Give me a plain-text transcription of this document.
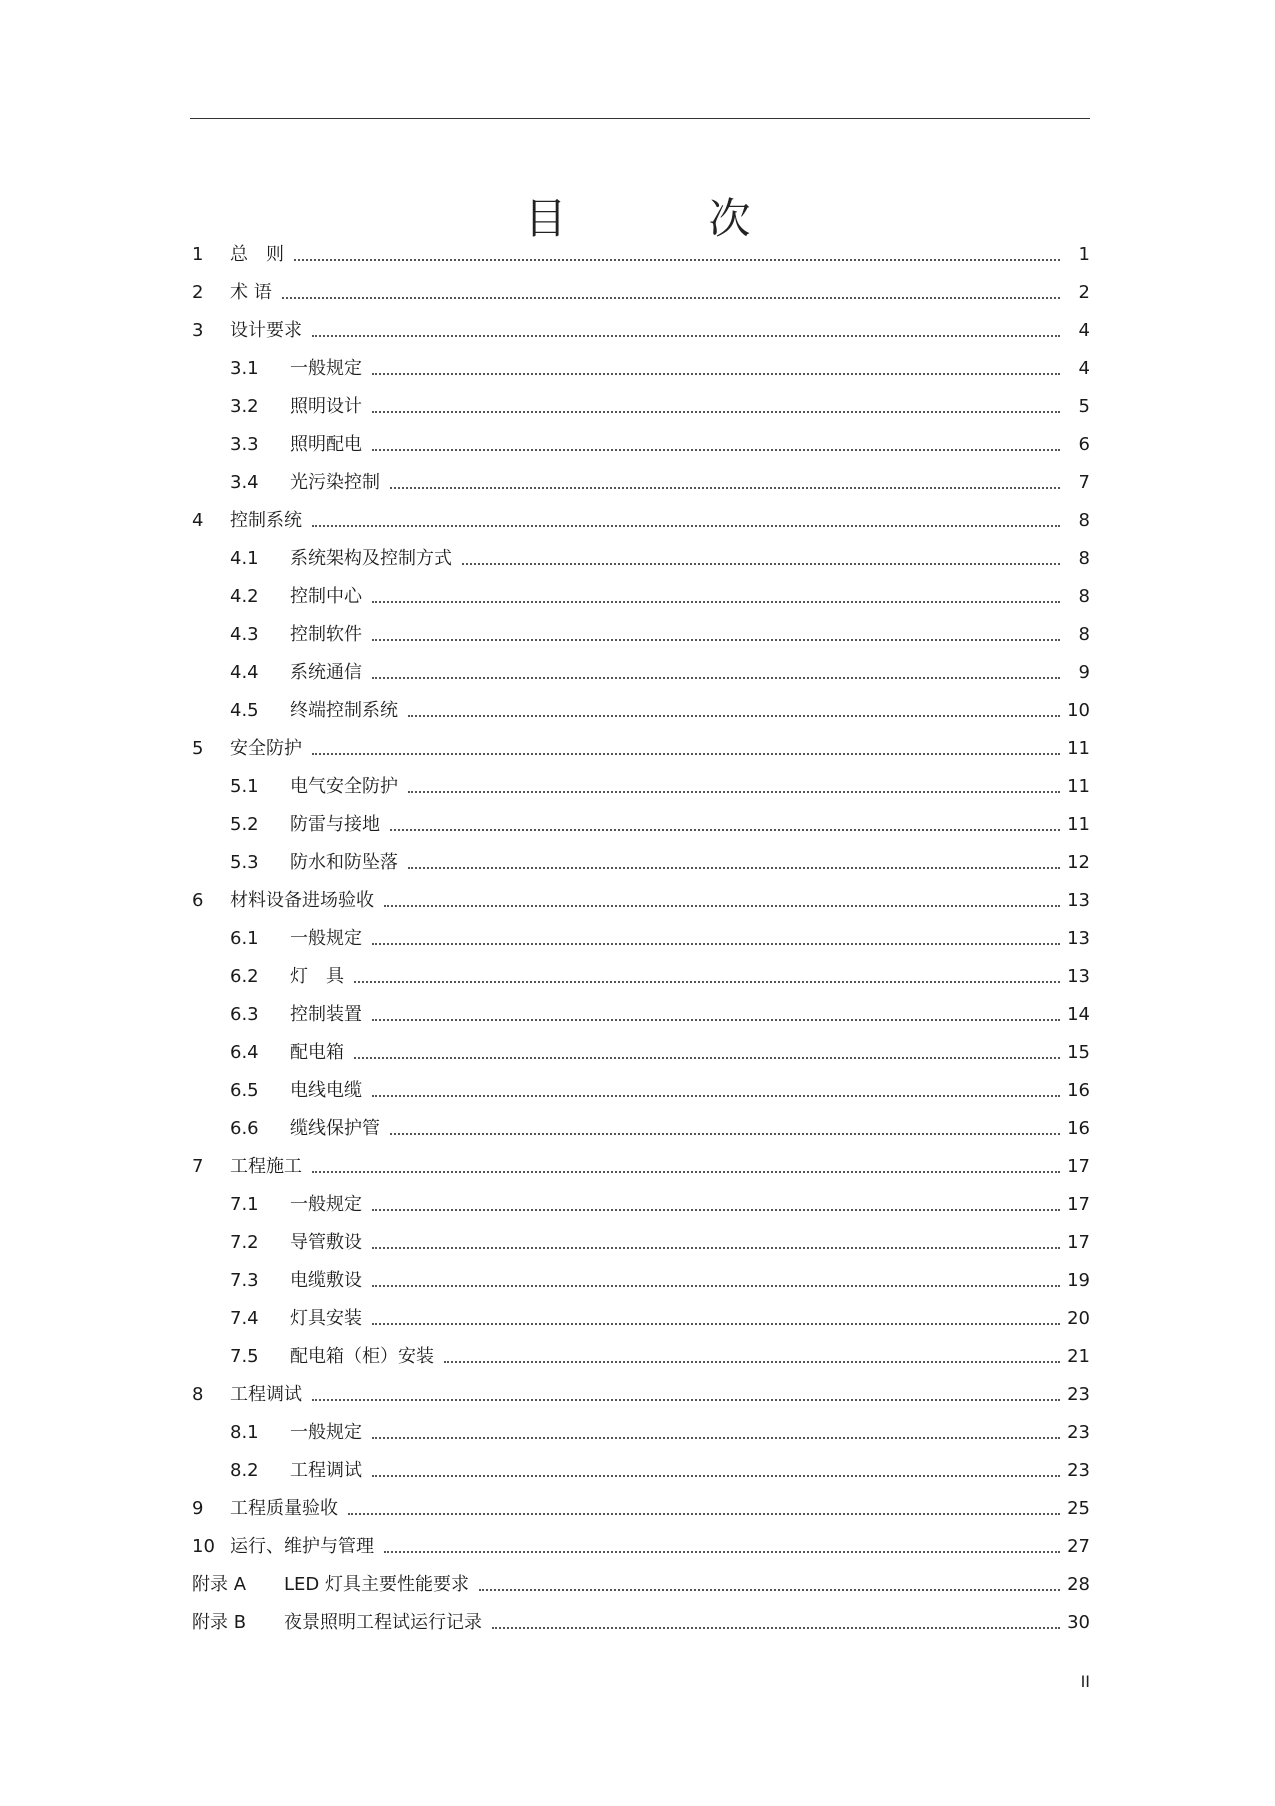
目　次
1	总　则	1
2	术 语	2
3	设计要求	4
3.1	一般规定	4
3.2	照明设计	5
3.3	照明配电	6
3.4	光污染控制	7
4	控制系统	8
4.1	系统架构及控制方式	8
4.2	控制中心	8
4.3	控制软件	8
4.4	系统通信	9
4.5	终端控制系统	10
5	安全防护	11
5.1	电气安全防护	11
5.2	防雷与接地	11
5.3	防水和防坠落	12
6	材料设备进场验收	13
6.1	一般规定	13
6.2	灯　具	13
6.3	控制装置	14
6.4	配电箱	15
6.5	电线电缆	16
6.6	缆线保护管	16
7	工程施工	17
7.1	一般规定	17
7.2	导管敷设	17
7.3	电缆敷设	19
7.4	灯具安装	20
7.5	配电箱（柜）安装	21
8	工程调试	23
8.1	一般规定	23
8.2	工程调试	23
9	工程质量验收	25
10 运行、维护与管理	27
附录 A	LED 灯具主要性能要求	28
附录 B	夜景照明工程试运行记录	30
II
